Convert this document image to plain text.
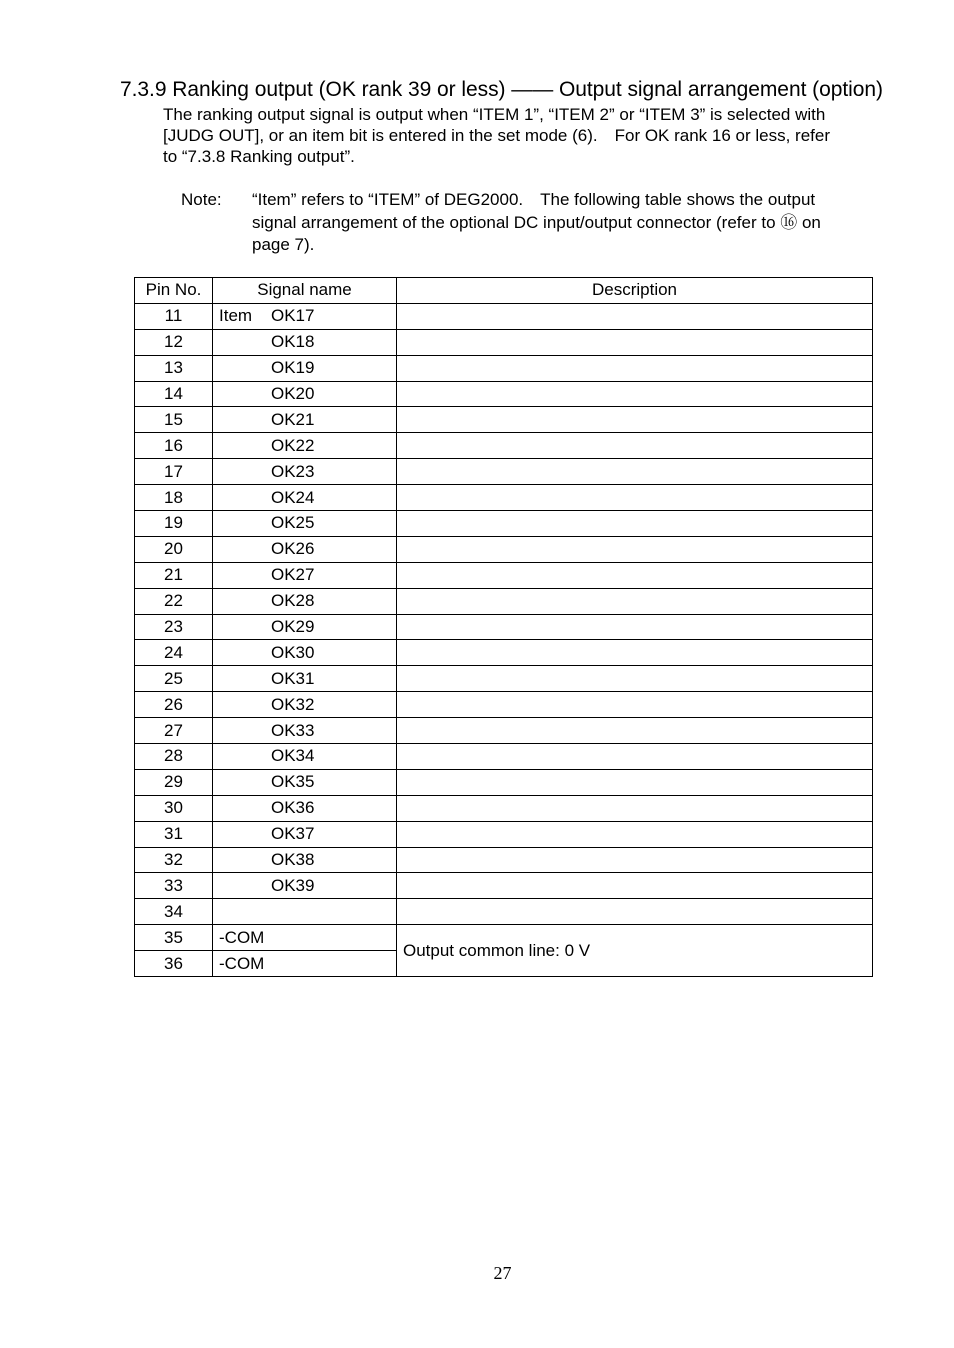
7.3.9 Ranking output (OK rank 39 or less) —— Output signal arrangement (option)
The ranking output signal is output when “ITEM 1”, “ITEM 2” or “ITEM 3” is selected with
[JUDG OUT], or an item bit is entered in the set mode (6).　For OK rank 16 or less, refer
to “7.3.8 Ranking output”.
Note: “Item” refers to “ITEM” of DEG2000.　The following table shows the output
signal arrangement of the optional DC input/output connector (refer to ⑯ on
page 7).
Pin No.	Signal name	Description
11	Item OK17	
12	OK18	
13	OK19	
14	OK20	
15	OK21	
16	OK22	
17	OK23	
18	OK24	
19	OK25	
20	OK26	
21	OK27	
22	OK28	
23	OK29	
24	OK30	
25	OK31	
26	OK32	
27	OK33	
28	OK34	
29	OK35	
30	OK36	
31	OK37	
32	OK38	
33	OK39	
34		
35	-COM	Output common line: 0 V
36	-COM	
27
